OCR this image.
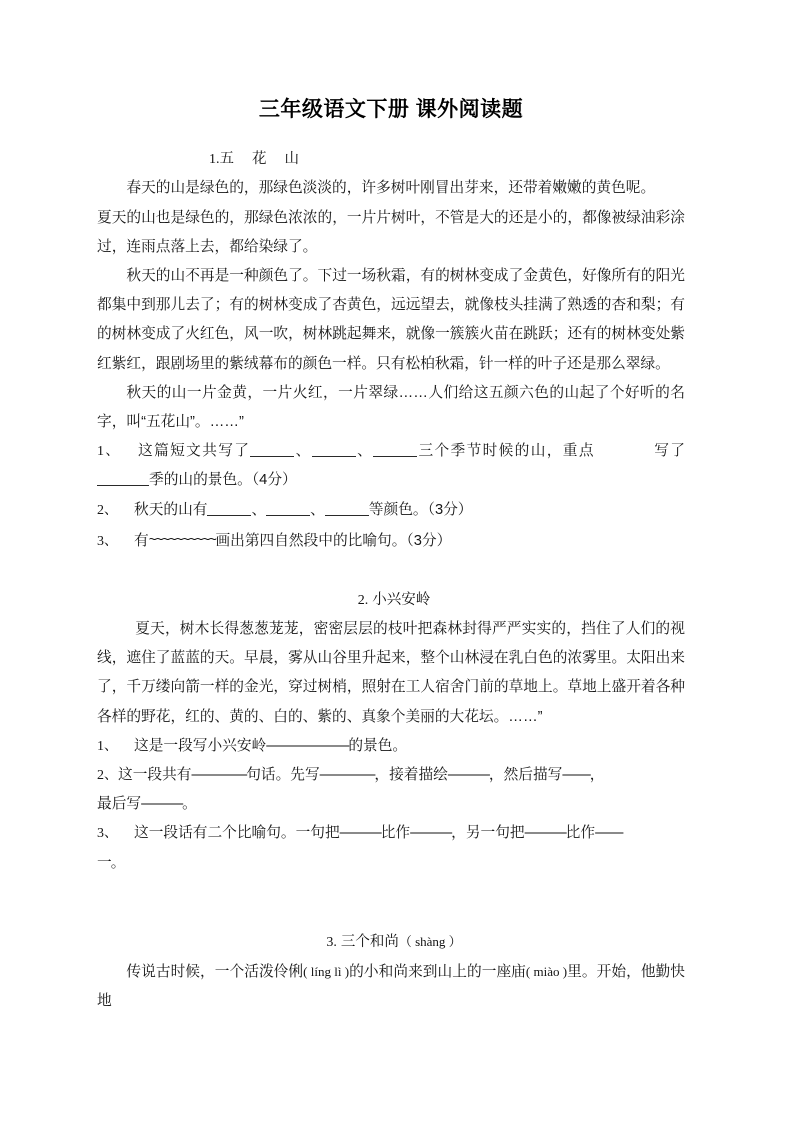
三年级语文下册 课外阅读题

1.五 花 山

春天的山是绿色的，那绿色淡淡的，许多树叶刚冒出芽来，还带着嫩嫩的黄色呢。

夏天的山也是绿色的，那绿色浓浓的，一片片树叶，不管是大的还是小的，都像被绿油彩涂过，连雨点落上去，都给染绿了。

秋天的山不再是一种颜色了。下过一场秋霜，有的树林变成了金黄色，好像所有的阳光都集中到那儿去了；有的树林变成了杏黄色，远远望去，就像枝头挂满了熟透的杏和梨；有的树林变成了火红色，风一吹，树林跳起舞来，就像一簇簇火苗在跳跃；还有的树林变处紫红紫红，跟剧场里的紫绒幕布的颜色一样。只有松柏秋霜，针一样的叶子还是那么翠绿。

秋天的山一片金黄，一片火红，一片翠绿……人们给这五颜六色的山起了个好听的名字，叫“五花山”。……”

1、 这篇短文共写了	、	、	三个季节时候的山，重点	写了季的山的景色。（4分）

2、 秋天的山有	、	、	等颜色。（3分）

3、 有~~~~~~~~~~画出第四自然段中的比喻句。（3分）

2. 小兴安岭

夏天，树木长得葱葱茏茏，密密层层的枝叶把森林封得严严实实的，挡住了人们的视线，遮住了蓝蓝的天。早晨，雾从山谷里升起来，整个山林浸在乳白色的浓雾里。太阳出来了，千万缕向箭一样的金光，穿过树梢，照射在工人宿舍门前的草地上。草地上盛开着各种各样的野花，红的、黄的、白的、紫的、真象个美丽的大花坛。……”

1、 这是一段写小兴安岭——————的景色。

2、这一段共有————句话。先写————，接着描绘———，然后描写——，

最后写———。

3、 这一段话有二个比喻句。一句把———比作———，另一句把———比作——

一。

3. 三个和尚（ shàng ）

传说古时候，一个活泼伶俐( líng lì )的小和尚来到山上的一座庙( miào )里。开始，他勤快地
